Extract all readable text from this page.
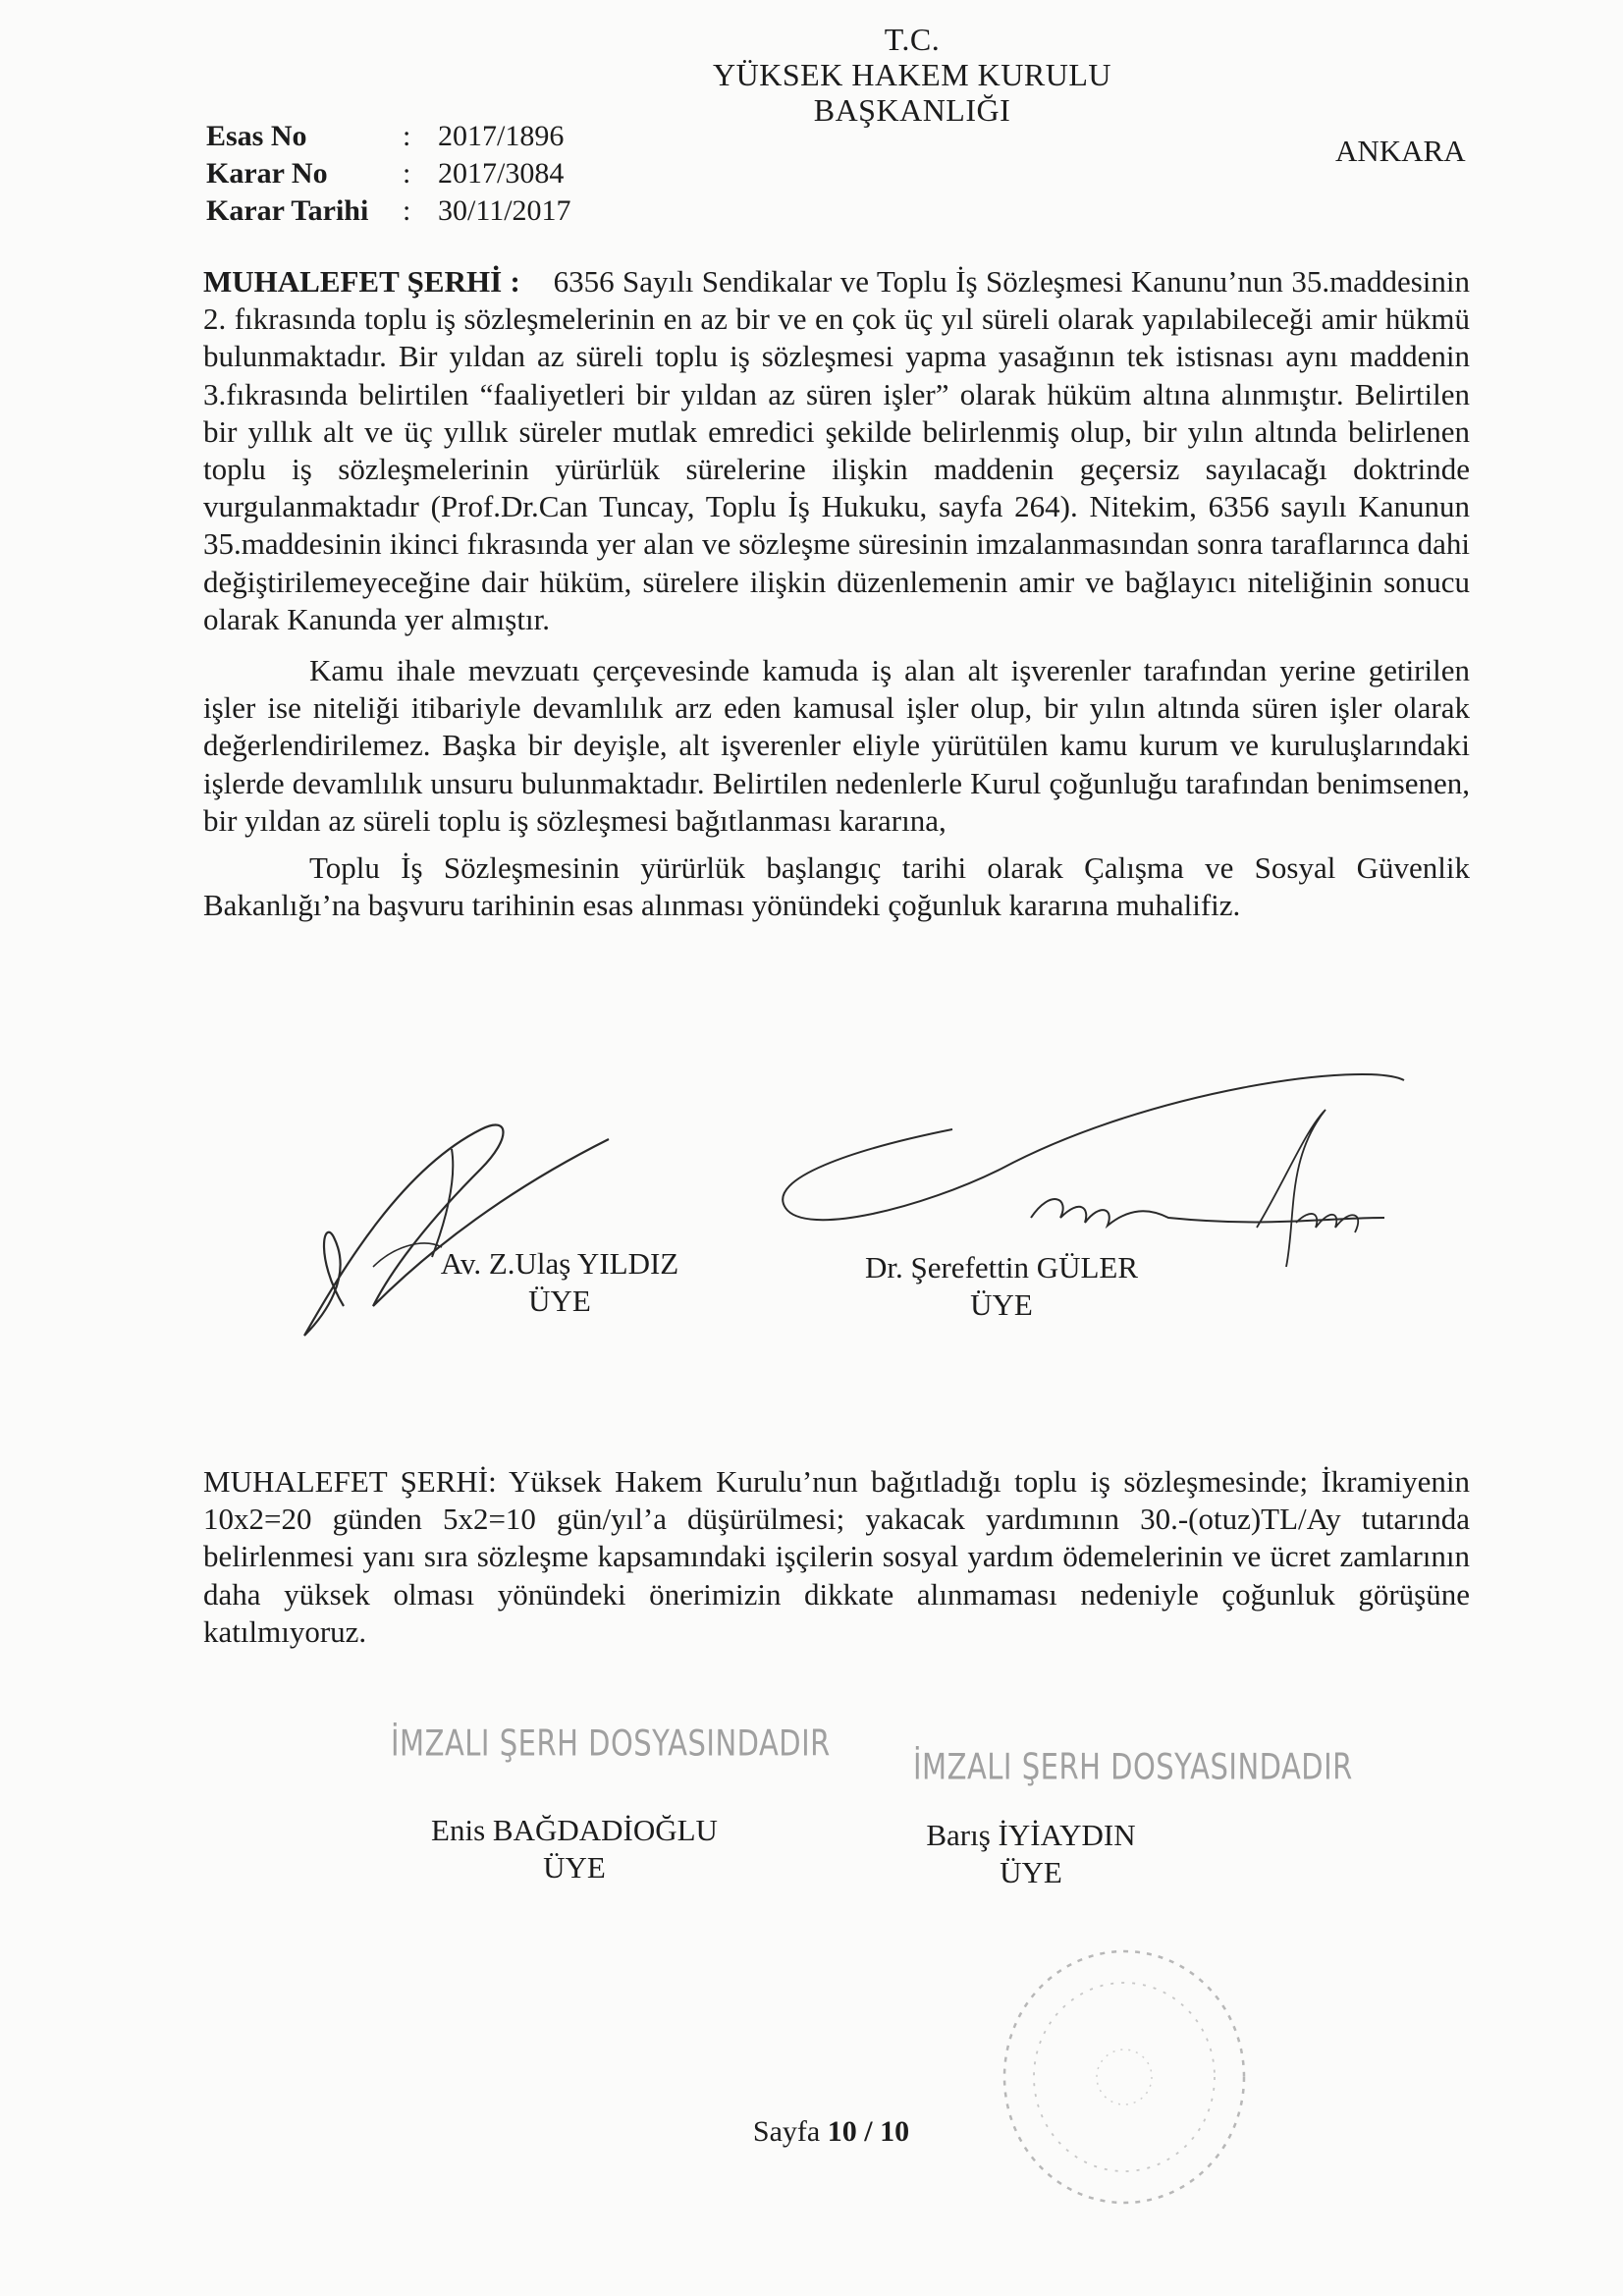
T.C.
YÜKSEK HAKEM KURULU
BAŞKANLIĞI
Esas No	: 2017/1896
Karar No	: 2017/3084
Karar Tarihi	: 30/11/2017
ANKARA

MUHALEFET ŞERHİ : 6356 Sayılı Sendikalar ve Toplu İş Sözleşmesi Kanunu’nun 35.maddesinin 2. fıkrasında toplu iş sözleşmelerinin en az bir ve en çok üç yıl süreli olarak yapılabileceği amir hükmü bulunmaktadır. Bir yıldan az süreli toplu iş sözleşmesi yapma yasağının tek istisnası aynı maddenin 3.fıkrasında belirtilen “faaliyetleri bir yıldan az süren işler” olarak hüküm altına alınmıştır. Belirtilen bir yıllık alt ve üç yıllık süreler mutlak emredici şekilde belirlenmiş olup, bir yılın altında belirlenen toplu iş sözleşmelerinin yürürlük sürelerine ilişkin maddenin geçersiz sayılacağı doktrinde vurgulanmaktadır (Prof.Dr.Can Tuncay, Toplu İş Hukuku, sayfa 264). Nitekim, 6356 sayılı Kanunun 35.maddesinin ikinci fıkrasında yer alan ve sözleşme süresinin imzalanmasından sonra taraflarınca dahi değiştirilemeyeceğine dair hüküm, sürelere ilişkin düzenlemenin amir ve bağlayıcı niteliğinin sonucu olarak Kanunda yer almıştır.

Kamu ihale mevzuatı çerçevesinde kamuda iş alan alt işverenler tarafından yerine getirilen işler ise niteliği itibariyle devamlılık arz eden kamusal işler olup, bir yılın altında süren işler olarak değerlendirilemez. Başka bir deyişle, alt işverenler eliyle yürütülen kamu kurum ve kuruluşlarındaki işlerde devamlılık unsuru bulunmaktadır. Belirtilen nedenlerle Kurul çoğunluğu tarafından benimsenen, bir yıldan az süreli toplu iş sözleşmesi bağıtlanması kararına,

Toplu İş Sözleşmesinin yürürlük başlangıç tarihi olarak Çalışma ve Sosyal Güvenlik Bakanlığı’na başvuru tarihinin esas alınması yönündeki çoğunluk kararına muhalifiz.

Av. Z.Ulaş YILDIZ
ÜYE
Dr. Şerefettin GÜLER
ÜYE

MUHALEFET ŞERHİ: Yüksek Hakem Kurulu’nun bağıtladığı toplu iş sözleşmesinde; İkramiyenin 10x2=20 günden 5x2=10 gün/yıl’a düşürülmesi; yakacak yardımının 30.-(otuz)TL/Ay tutarında belirlenmesi yanı sıra sözleşme kapsamındaki işçilerin sosyal yardım ödemelerinin ve ücret zamlarının daha yüksek olması yönündeki önerimizin dikkate alınmaması nedeniyle çoğunluk görüşüne katılmıyoruz.

İMZALI ŞERH DOSYASINDADIR
İMZALI ŞERH DOSYASINDADIR
Enis BAĞDADİOĞLU
ÜYE
Barış İYİAYDIN
ÜYE
Sayfa 10 / 10
